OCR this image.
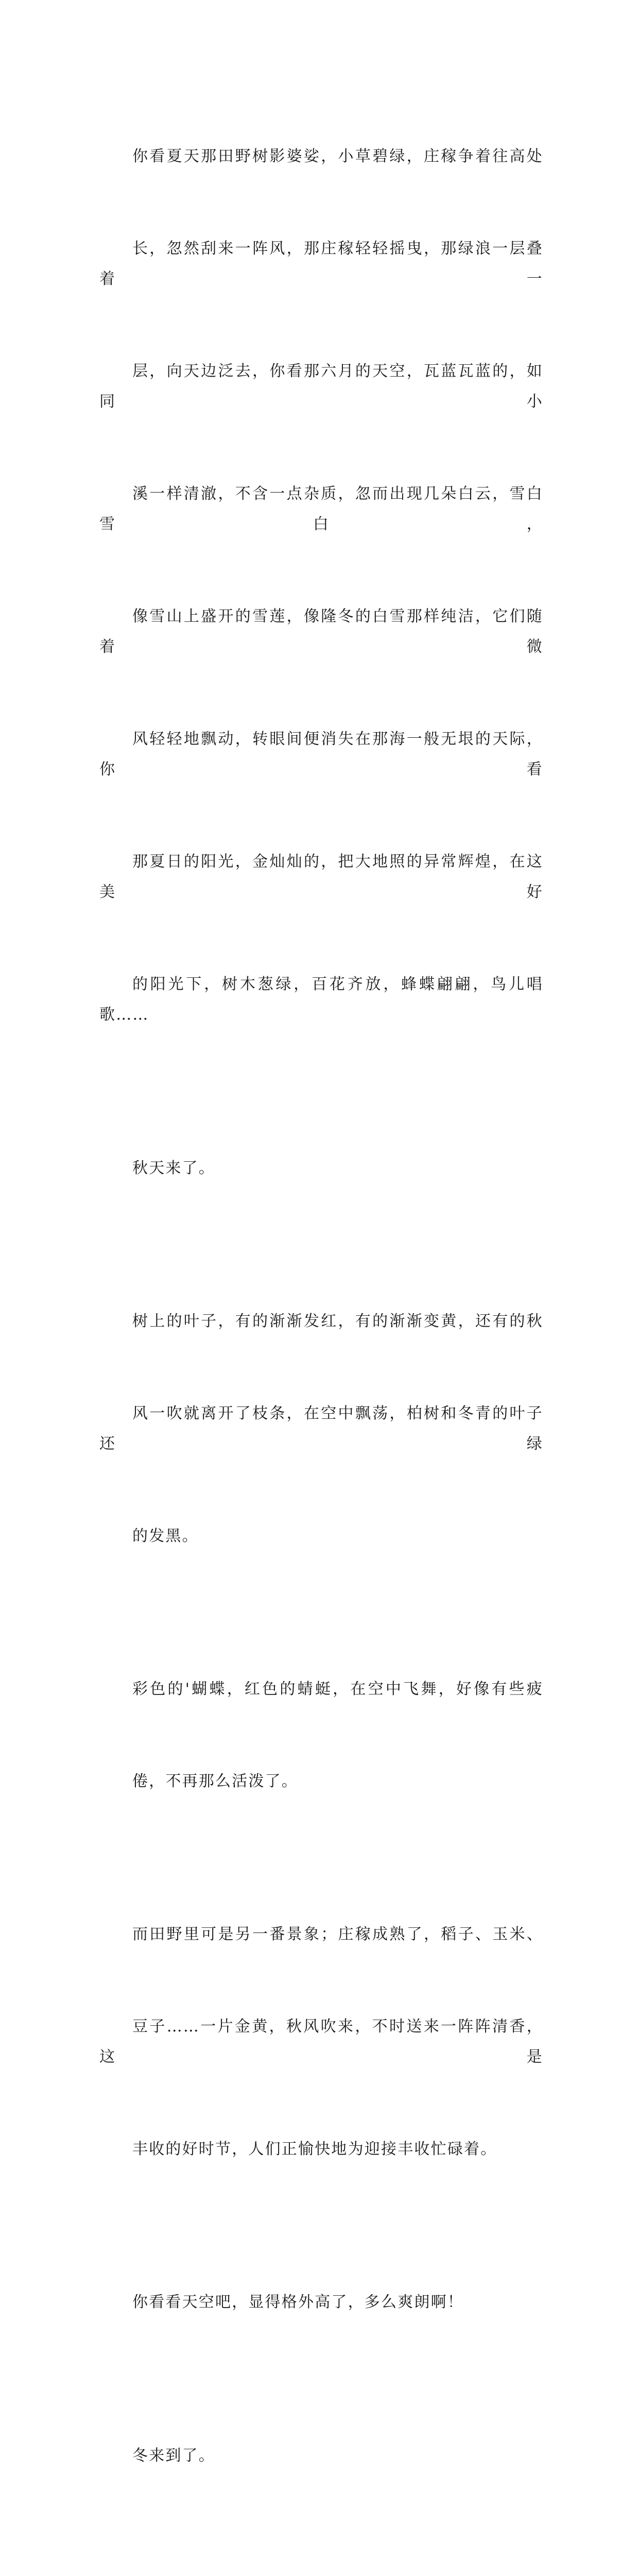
你看夏天那田野树影婆娑，小草碧绿，庄稼争着往高处

长，忽然刮来一阵风，那庄稼轻轻摇曳，那绿浪一层叠着一

层，向天边泛去，你看那六月的天空，瓦蓝瓦蓝的，如同小

溪一样清澈，不含一点杂质，忽而出现几朵白云，雪白雪白，

像雪山上盛开的雪莲，像隆冬的白雪那样纯洁，它们随着微

风轻轻地飘动，转眼间便消失在那海一般无垠的天际，你看

那夏日的阳光，金灿灿的，把大地照的异常辉煌，在这美好

的阳光下，树木葱绿，百花齐放，蜂蝶翩翩，鸟儿唱歌……

秋天来了。

树上的叶子，有的渐渐发红，有的渐渐变黄，还有的秋

风一吹就离开了枝条，在空中飘荡，柏树和冬青的叶子还绿

的发黑。

彩色的'蝴蝶，红色的蜻蜓，在空中飞舞，好像有些疲

倦，不再那么活泼了。

而田野里可是另一番景象；庄稼成熟了，稻子、玉米、

豆子……一片金黄，秋风吹来，不时送来一阵阵清香，这是

丰收的好时节，人们正愉快地为迎接丰收忙碌着。

你看看天空吧，显得格外高了，多么爽朗啊！

冬来到了。
